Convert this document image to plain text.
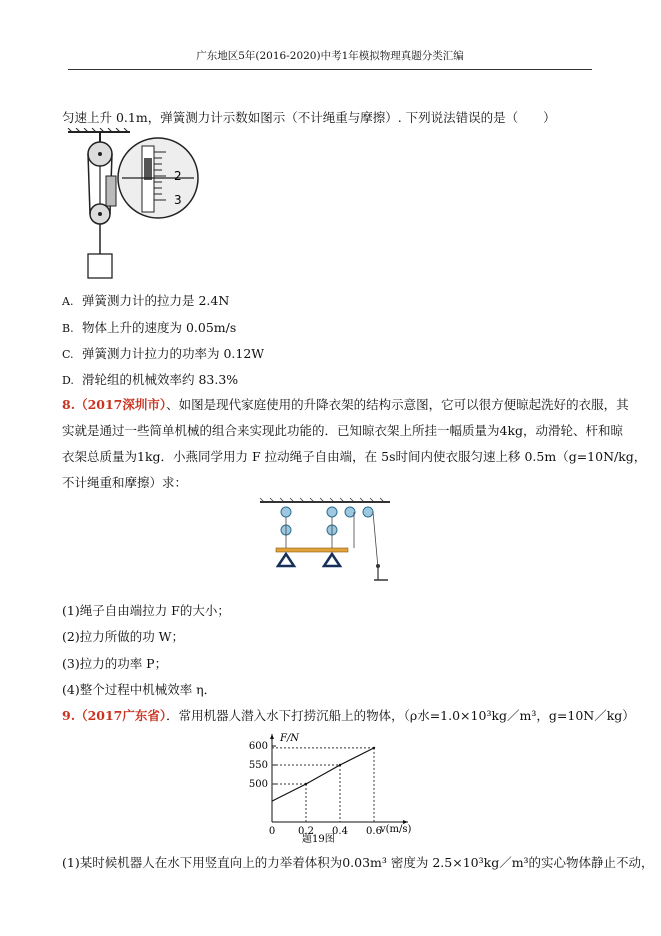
广东地区5年(2016-2020)中考1年模拟物理真题分类汇编
匀速上升 0.1m，弹簧测力计示数如图示（不计绳重与摩擦）. 下列说法错误的是（　　）
2
3
A. 弹簧测力计的拉力是 2.4N
B. 物体上升的速度为 0.05m/s
C. 弹簧测力计拉力的功率为 0.12W
D. 滑轮组的机械效率约 83.3%
8.（2017深圳市）、如图是现代家庭使用的升降衣架的结构示意图，它可以很方便晾起洗好的衣服，其
实就是通过一些简单机械的组合来实现此功能的．已知晾衣架上所挂一幅质量为4kg，动滑轮、杆和晾
衣架总质量为1kg．小燕同学用力 F 拉动绳子自由端，在 5s时间内使衣服匀速上移 0.5m（g=10N/kg，
不计绳重和摩擦）求：
(1)绳子自由端拉力 F的大小；
(2)拉力所做的功 W；
(3)拉力的功率 P；
(4)整个过程中机械效率 η．
9.（2017广东省）．常用机器人潜入水下打捞沉船上的物体，（ρ水=1.0×10³kg／m³，g=10N／kg）
F/N
v(m/s)
题19图
500
550
600
0 0.2 0.4 0.6
(1)某时候机器人在水下用竖直向上的力举着体积为0.03m³ 密度为 2.5×10³kg／m³的实心物体静止不动，
